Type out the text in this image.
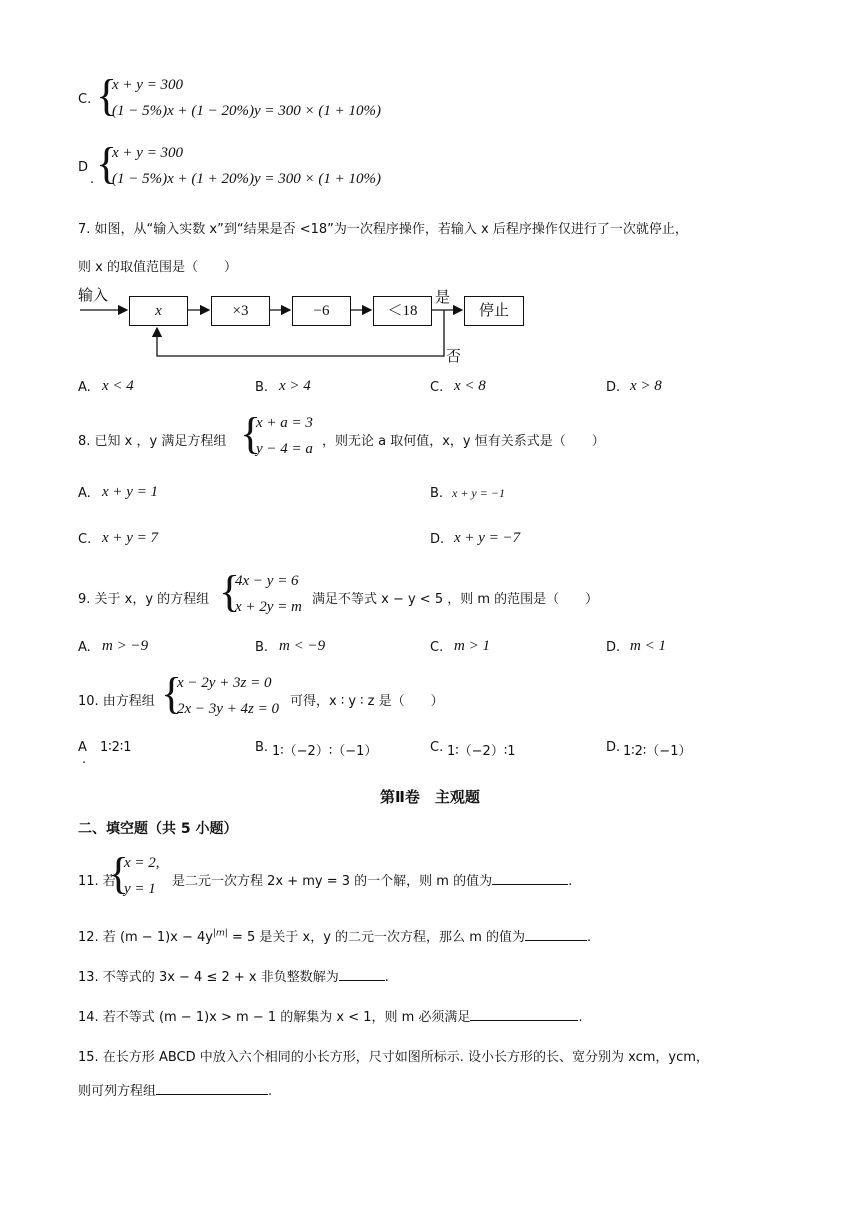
C. {
x + y = 300
(1 − 5%)x + (1 − 20%)y = 300 × (1 + 10%)
D
. {
x + y = 300
(1 − 5%)x + (1 + 20%)y = 300 × (1 + 10%)
7. 如图，从“输入实数 x”到“结果是否 <18”为一次程序操作，若输入 x 后程序操作仅进行了一次就停止，
则 x 的取值范围是（　　）
输入
x	×3	−6	＜18	停止
是
否
A. x < 4	B. x > 4	C. x < 8	D. x > 8
8. 已知 x ，y 满足方程组 {
x + a = 3
y − 4 = a ，则无论 a 取何值，x，y 恒有关系式是（　　）
A. x + y = 1	B. x + y = −1
C. x + y = 7	D. x + y = −7
9. 关于 x，y 的方程组 {
4x − y = 6
x + 2y = m 满足不等式 x − y < 5 ，则 m 的范围是（　　）
A. m > −9	B. m < −9	C. m > 1	D. m < 1
10. 由方程组 {
x − 2y + 3z = 0
2x − 3y + 4z = 0 可得，x ∶ y ∶ z 是（　　）
A
.
1∶2∶1	B. 1∶（−2）∶（−1）	C. 1∶（−2）∶1	D. 1∶2∶（−1）
第Ⅱ卷　主观题
二、填空题（共 5 小题）
11. 若
{
x = 2,
y = 1 是二元一次方程 2x + my = 3 的一个解，则 m 的值为	.
12. 若 $(m - 1)x - 4y^{|m|} = 5$ 是关于 x，y 的二元一次方程，那么 m 的值为	.
13. 不等式的 3x − 4 ≤ 2 + x 非负整数解为	.
14. 若不等式 (m − 1)x > m − 1 的解集为 x < 1，则 m 必须满足	.
15. 在长方形 ABCD 中放入六个相同的小长方形，尺寸如图所标示. 设小长方形的长、宽分别为 xcm，ycm，
则可列方程组	.
